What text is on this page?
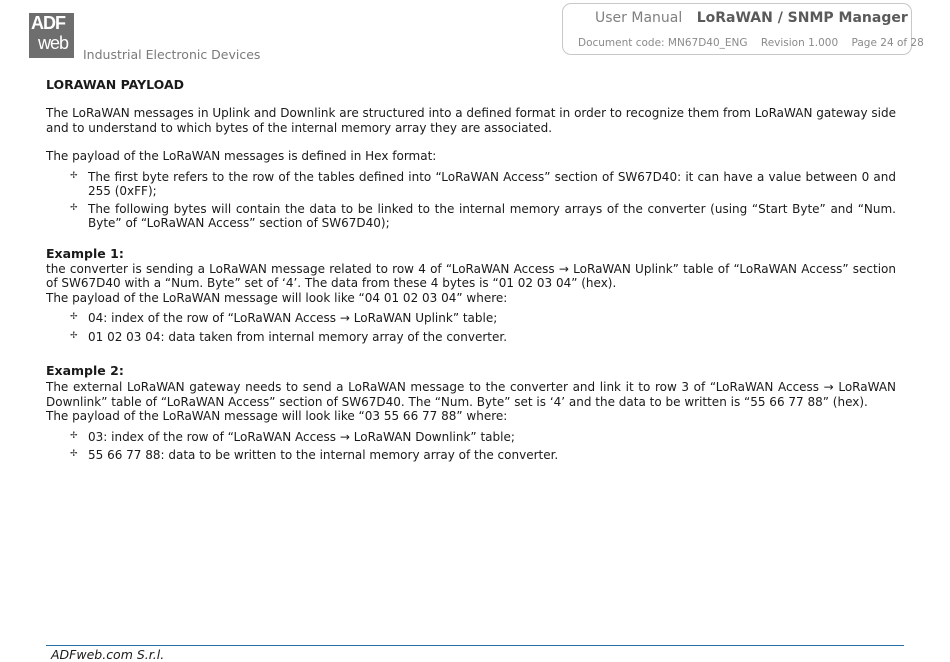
ADF
web
Industrial Electronic Devices
User Manual LoRaWAN / SNMP Manager
Document code: MN67D40_ENG Revision 1.000 Page 24 of 28
LORAWAN PAYLOAD

The LoRaWAN messages in Uplink and Downlink are structured into a defined format in order to recognize them from LoRaWAN gateway side and to understand to which bytes of the internal memory array they are associated.

The payload of the LoRaWAN messages is defined in Hex format:

✢ The first byte refers to the row of the tables defined into “LoRaWAN Access” section of SW67D40: it can have a value between 0 and 255 (0xFF);
✢ The following bytes will contain the data to be linked to the internal memory arrays of the converter (using “Start Byte” and “Num. Byte” of “LoRaWAN Access” section of SW67D40);
Example 1:

the converter is sending a LoRaWAN message related to row 4 of “LoRaWAN Access → LoRaWAN Uplink” table of “LoRaWAN Access” section of SW67D40 with a “Num. Byte” set of ‘4’. The data from these 4 bytes is “01 02 03 04” (hex).

The payload of the LoRaWAN message will look like “04 01 02 03 04” where:

✢ 04: index of the row of “LoRaWAN Access → LoRaWAN Uplink” table;
✢ 01 02 03 04: data taken from internal memory array of the converter.
Example 2:

The external LoRaWAN gateway needs to send a LoRaWAN message to the converter and link it to row 3 of “LoRaWAN Access → LoRaWAN Downlink” table of “LoRaWAN Access” section of SW67D40. The “Num. Byte” set is ‘4’ and the data to be written is “55 66 77 88” (hex).

The payload of the LoRaWAN message will look like “03 55 66 77 88” where:

✢ 03: index of the row of “LoRaWAN Access → LoRaWAN Downlink” table;
✢ 55 66 77 88: data to be written to the internal memory array of the converter.
ADFweb.com S.r.l.
